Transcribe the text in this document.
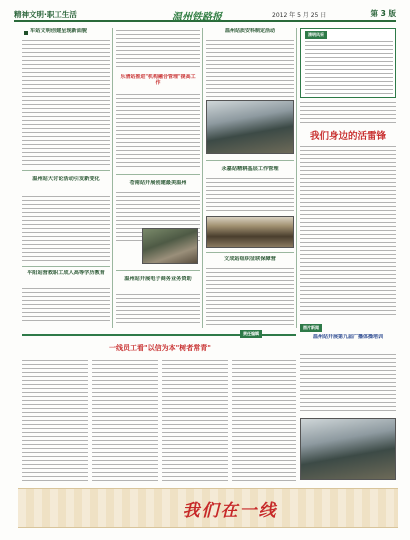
精神文明·职工生活	温州铁路报	2012 年 5 月 25 日	第 3 版
车站文明创建呈现新面貌
温州站大讨论活动引发新变化
平阳站营救职工成人高等学历教育
乐清站推进"机构融合管理"提高工作
苍南站开展创建最美温州
温州站开展电子商务业务资助
温州站质安科制定活动
永嘉站精耕基层工作管理
文成站组织征联保障营
清明风采
我们身边的活雷锋
图片新闻
温州站开展第九届广播体操培训
责任编辑
一线员工看"以信为本"树者常青"
我们在一线
